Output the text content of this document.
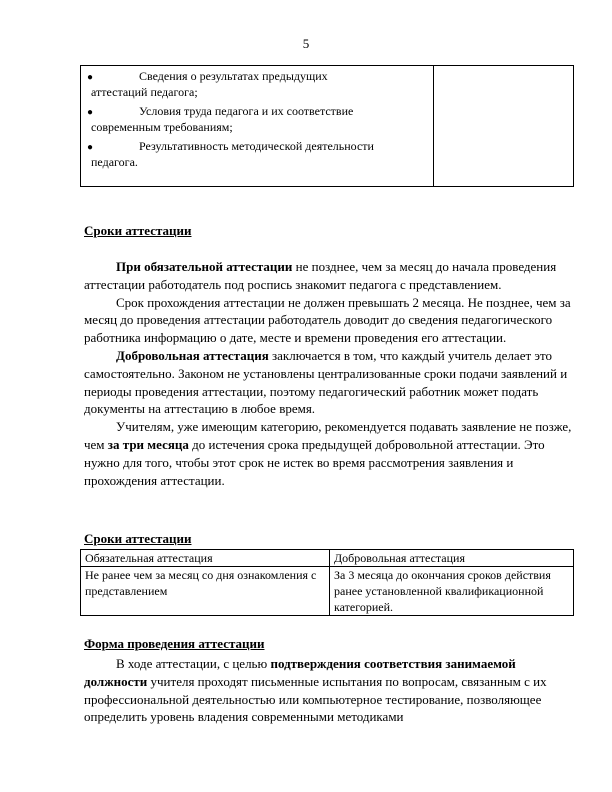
5
●	Сведения о результатах предыдущих
аттестаций педагога;
●	Условия труда педагога и их соответствие
современным требованиям;
●	Результативность методической деятельности
педагога.
Сроки аттестации

При обязательной аттестации не позднее, чем за месяц до начала проведения аттестации работодатель под роспись знакомит педагога с представлением.

Срок прохождения аттестации не должен превышать 2 месяца. Не позднее, чем за месяц до проведения аттестации работодатель доводит до сведения педагогического работника информацию о дате, месте и времени проведения его аттестации.

Добровольная аттестация заключается в том, что каждый учитель делает это самостоятельно. Законом не установлены централизованные сроки подачи заявлений и периоды проведения аттестации, поэтому педагогический работник может подать документы на аттестацию в любое время.

Учителям, уже имеющим категорию, рекомендуется подавать заявление не позже, чем за три месяца до истечения срока предыдущей добровольной аттестации. Это нужно для того, чтобы этот срок не истек во время рассмотрения заявления и прохождения аттестации.

Сроки аттестации
Обязательная аттестация	Добровольная аттестация
Не ранее чем за месяц со дня ознакомления с представлением	За 3 месяца до окончания сроков действия ранее установленной квалификационной категорией.
Форма проведения аттестации

В ходе аттестации, с целью подтверждения соответствия занимаемой должности учителя проходят письменные испытания по вопросам, связанным с их профессиональной деятельностью или компьютерное тестирование, позволяющее определить уровень владения современными методиками
